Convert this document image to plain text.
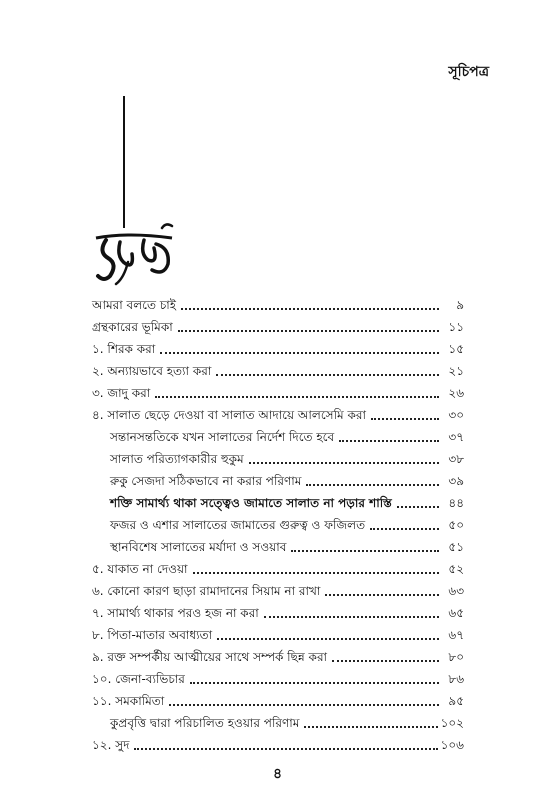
সূচিপত্র
আমরা বলতে চাই	৯
গ্রন্থকারের ভূমিকা	১১
১. শিরক করা	১৫
২. অন্যায়ভাবে হত্যা করা	২১
৩. জাদু করা	২৬
৪. সালাত ছেড়ে দেওয়া বা সালাত আদায়ে আলসেমি করা	৩০
সন্তানসন্ততিকে যখন সালাতের নির্দেশ দিতে হবে	৩৭
সালাত পরিত্যাগকারীর হুকুম	৩৮
রুকু সেজদা সঠিকভাবে না করার পরিণাম	৩৯
শক্তি সামার্থ্য থাকা সত্ত্বেও জামাতে সালাত না পড়ার শাস্তি	৪৪
ফজর ও এশার সালাতের জামাতের গুরুত্ব ও ফজিলত	৫০
স্থানবিশেষ সালাতের মর্যাদা ও সওয়াব	৫১
৫. যাকাত না দেওয়া	৫২
৬. কোনো কারণ ছাড়া রামাদানের সিয়াম না রাখা	৬৩
৭. সামার্থ্য থাকার পরও হজ না করা	৬৫
৮. পিতা-মাতার অবাধ্যতা	৬৭
৯. রক্ত সম্পর্কীয় আত্মীয়ের সাথে সম্পর্ক ছিন্ন করা	৮০
১০. জেনা-ব্যভিচার	৮৬
১১. সমকামিতা	৯৫
কুপ্রবৃত্তি দ্বারা পরিচালিত হওয়ার পরিণাম	১০২
১২. সুদ	১০৬
৪
